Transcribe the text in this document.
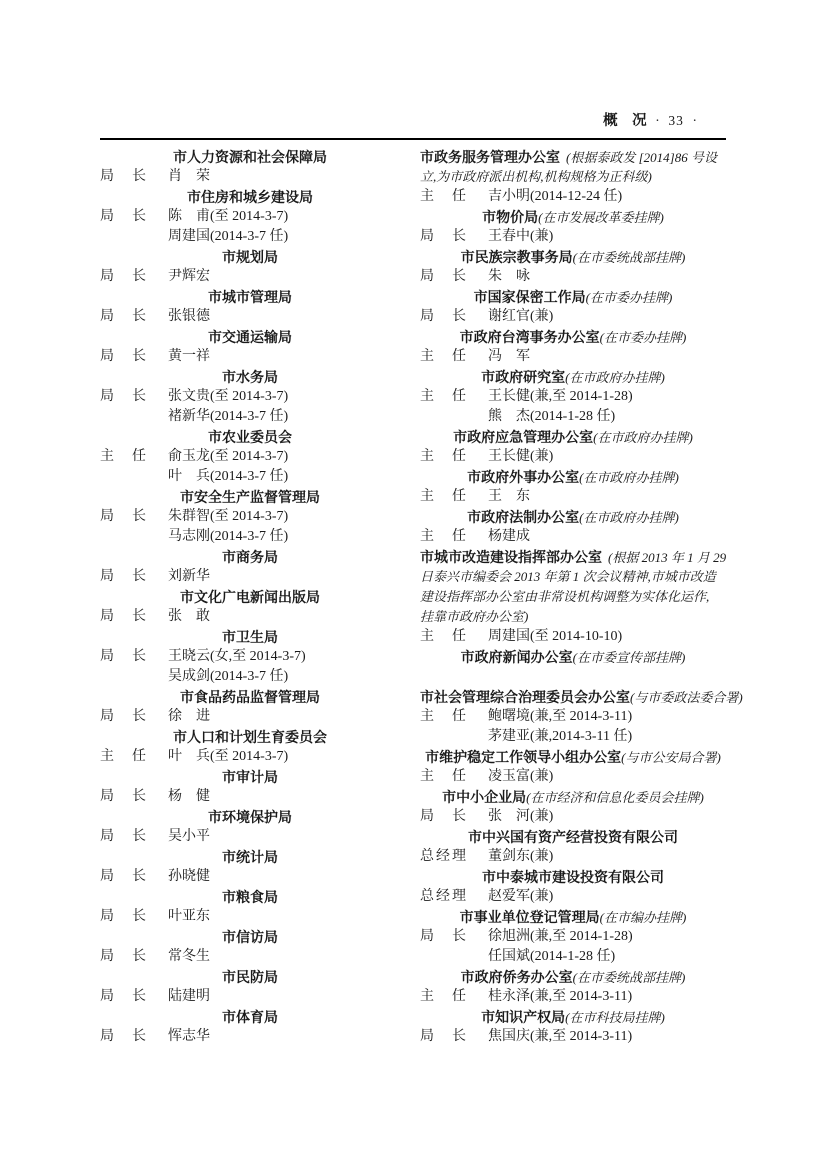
概　况 · 33 ·
市人力资源和社会保障局
局 长 肖　荣
市住房和城乡建设局
局 长 陈　甫(至 2014-3-7)
周建国(2014-3-7 任)
市规划局
局 长 尹辉宏
市城市管理局
局 长 张银德
市交通运输局
局 长 黄一祥
市水务局
局 长 张文贵(至 2014-3-7)
褚新华(2014-3-7 任)
市农业委员会
主 任 俞玉龙(至 2014-3-7)
叶　兵(2014-3-7 任)
市安全生产监督管理局
局 长 朱群智(至 2014-3-7)
马志刚(2014-3-7 任)
市商务局
局 长 刘新华
市文化广电新闻出版局
局 长 张　敢
市卫生局
局 长 王晓云(女,至 2014-3-7)
吴成剑(2014-3-7 任)
市食品药品监督管理局
局 长 徐　进
市人口和计划生育委员会
主 任 叶　兵(至 2014-3-7)
市审计局
局 长 杨　健
市环境保护局
局 长 吴小平
市统计局
局 长 孙晓健
市粮食局
局 长 叶亚东
市信访局
局 长 常冬生
市民防局
局 长 陆建明
市体育局
局 长 恽志华
市政务服务管理办公室 (根据泰政发 [2014]86 号设
立,为市政府派出机构,机构规格为正科级)
主 任 吉小明(2014-12-24 任)
市物价局(在市发展改革委挂牌)
局 长 王春中(兼)
市民族宗教事务局(在市委统战部挂牌)
局 长 朱　咏
市国家保密工作局(在市委办挂牌)
局 长 谢红官(兼)
市政府台湾事务办公室(在市委办挂牌)
主 任 冯　军
市政府研究室(在市政府办挂牌)
主 任 王长健(兼,至 2014-1-28)
熊　杰(2014-1-28 任)
市政府应急管理办公室(在市政府办挂牌)
主 任 王长健(兼)
市政府外事办公室(在市政府办挂牌)
主 任 王　东
市政府法制办公室(在市政府办挂牌)
主 任 杨建成
市城市改造建设指挥部办公室 (根据 2013 年 1 月 29
日泰兴市编委会 2013 年第 1 次会议精神,市城市改造
建设指挥部办公室由非常设机构调整为实体化运作,
挂靠市政府办公室)
主 任 周建国(至 2014-10-10)
市政府新闻办公室(在市委宣传部挂牌)
市社会管理综合治理委员会办公室(与市委政法委合署)
主 任 鲍曙境(兼,至 2014-3-11)
茅建亚(兼,2014-3-11 任)
市维护稳定工作领导小组办公室(与市公安局合署)
主 任 凌玉富(兼)
市中小企业局(在市经济和信息化委员会挂牌)
局 长 张　河(兼)
市中兴国有资产经营投资有限公司
总 经 理 董剑东(兼)
市中泰城市建设投资有限公司
总 经 理 赵爱军(兼)
市事业单位登记管理局(在市编办挂牌)
局 长 徐旭洲(兼,至 2014-1-28)
任国斌(2014-1-28 任)
市政府侨务办公室(在市委统战部挂牌)
主 任 桂永泽(兼,至 2014-3-11)
市知识产权局(在市科技局挂牌)
局 长 焦国庆(兼,至 2014-3-11)
